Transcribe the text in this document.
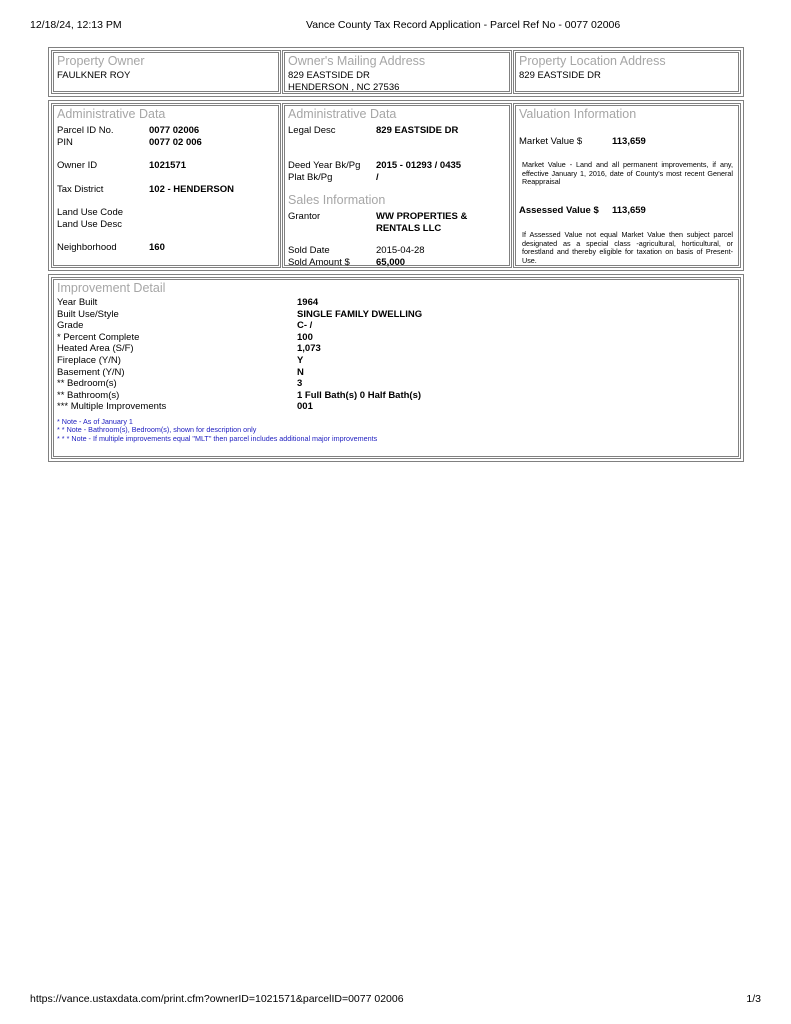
12/18/24, 12:13 PM	Vance County Tax Record Application - Parcel Ref No - 0077 02006
Property Owner
FAULKNER ROY
Owner's Mailing Address
829 EASTSIDE DR
HENDERSON , NC 27536
Property Location Address
829 EASTSIDE DR
Administrative Data
Parcel ID No.	0077 02006
PIN	0077 02 006
Owner ID	1021571
Tax District	102 - HENDERSON
Land Use Code
Land Use Desc
Neighborhood	160
Administrative Data
Legal Desc	829 EASTSIDE DR
Deed Year Bk/Pg 2015 - 01293 / 0435
Plat Bk/Pg	/
Sales Information
Grantor	WW PROPERTIES &
RENTALS LLC
Sold Date	2015-04-28
Sold Amount $	65,000
Valuation Information
Market Value $	113,659
Market Value - Land and all permanent improvements, if any, effective January 1, 2016, date of County's most recent General Reappraisal
Assessed Value $ 113,659
If Assessed Value not equal Market Value then subject parcel designated as a special class -agricultural, horticultural, or forestland and thereby eligible for taxation on basis of Present-Use.
Improvement Detail
Year Built	1964
Built Use/Style	SINGLE FAMILY DWELLING
Grade	C- /
* Percent Complete	100
Heated Area (S/F)	1,073
Fireplace (Y/N)	Y
Basement (Y/N)	N
** Bedroom(s)	3
** Bathroom(s)	1 Full Bath(s) 0 Half Bath(s)
*** Multiple Improvements	001
* Note - As of January 1
* * Note - Bathroom(s), Bedroom(s), shown for description only
* * * Note - If multiple improvements equal "MLT" then parcel includes additional major improvements
https://vance.ustaxdata.com/print.cfm?ownerID=1021571&parcelID=0077 02006	1/3
